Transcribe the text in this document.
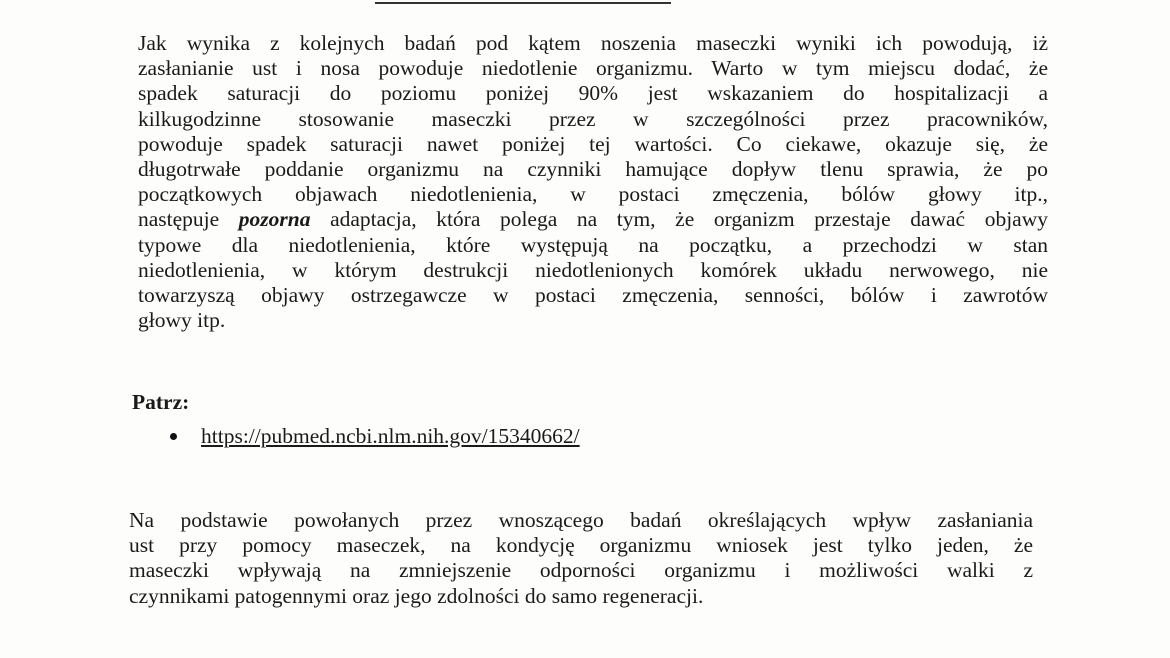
Jak wynika z kolejnych badań pod kątem noszenia maseczki wyniki ich powodują, iż
zasłanianie ust i nosa powoduje niedotlenie organizmu. Warto w tym miejscu dodać, że
spadek saturacji do poziomu poniżej 90% jest wskazaniem do hospitalizacji a
kilkugodzinne stosowanie maseczki przez w szczególności przez pracowników,
powoduje spadek saturacji nawet poniżej tej wartości. Co ciekawe, okazuje się, że
długotrwałe poddanie organizmu na czynniki hamujące dopływ tlenu sprawia, że po
początkowych objawach niedotlenienia, w postaci zmęczenia, bólów głowy itp.,
następuje pozorna adaptacja, która polega na tym, że organizm przestaje dawać objawy
typowe dla niedotlenienia, które występują na początku, a przechodzi w stan
niedotlenienia, w którym destrukcji niedotlenionych komórek układu nerwowego, nie
towarzyszą objawy ostrzegawcze w postaci zmęczenia, senności, bólów i zawrotów
głowy itp.
Patrz:
https://pubmed.ncbi.nlm.nih.gov/15340662/
Na podstawie powołanych przez wnoszącego badań określających wpływ zasłaniania
ust przy pomocy maseczek, na kondycję organizmu wniosek jest tylko jeden, że
maseczki wpływają na zmniejszenie odporności organizmu i możliwości walki z
czynnikami patogennymi oraz jego zdolności do samo regeneracji.
